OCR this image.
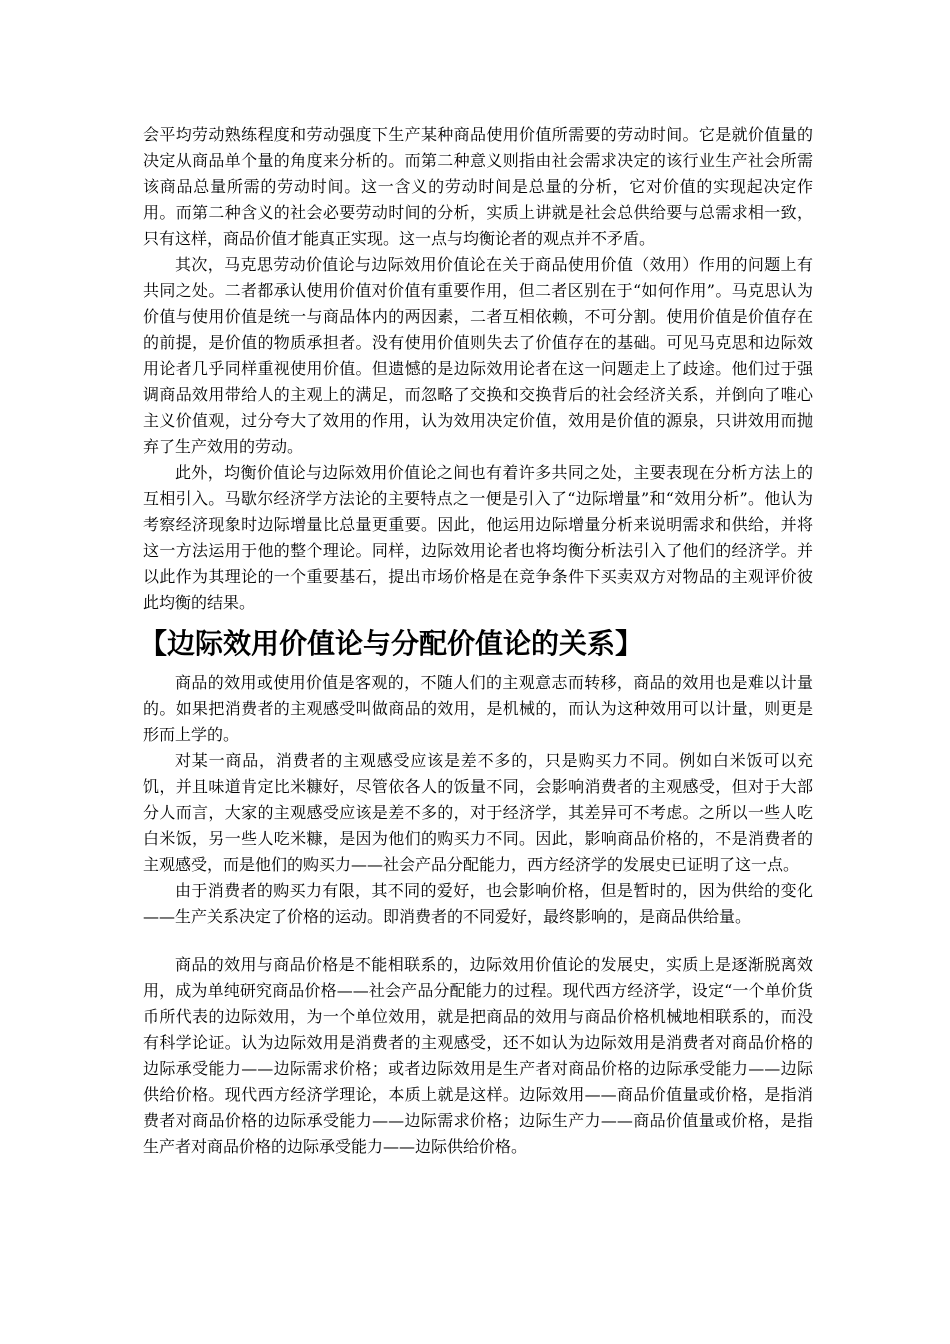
会平均劳动熟练程度和劳动强度下生产某种商品使用价值所需要的劳动时间。它是就价值量的决定从商品单个量的角度来分析的。而第二种意义则指由社会需求决定的该行业生产社会所需该商品总量所需的劳动时间。这一含义的劳动时间是总量的分析，它对价值的实现起决定作用。而第二种含义的社会必要劳动时间的分析，实质上讲就是社会总供给要与总需求相一致，只有这样，商品价值才能真正实现。这一点与均衡论者的观点并不矛盾。

其次，马克思劳动价值论与边际效用价值论在关于商品使用价值（效用）作用的问题上有共同之处。二者都承认使用价值对价值有重要作用，但二者区别在于“如何作用”。马克思认为价值与使用价值是统一与商品体内的两因素，二者互相依赖，不可分割。使用价值是价值存在的前提，是价值的物质承担者。没有使用价值则失去了价值存在的基础。可见马克思和边际效用论者几乎同样重视使用价值。但遗憾的是边际效用论者在这一问题走上了歧途。他们过于强调商品效用带给人的主观上的满足，而忽略了交换和交换背后的社会经济关系，并倒向了唯心主义价值观，过分夸大了效用的作用，认为效用决定价值，效用是价值的源泉，只讲效用而抛弃了生产效用的劳动。

此外，均衡价值论与边际效用价值论之间也有着许多共同之处，主要表现在分析方法上的互相引入。马歇尔经济学方法论的主要特点之一便是引入了“边际增量”和“效用分析”。他认为考察经济现象时边际增量比总量更重要。因此，他运用边际增量分析来说明需求和供给，并将这一方法运用于他的整个理论。同样，边际效用论者也将均衡分析法引入了他们的经济学。并以此作为其理论的一个重要基石，提出市场价格是在竞争条件下买卖双方对物品的主观评价彼此均衡的结果。

【边际效用价值论与分配价值论的关系】

商品的效用或使用价值是客观的，不随人们的主观意志而转移，商品的效用也是难以计量的。如果把消费者的主观感受叫做商品的效用，是机械的，而认为这种效用可以计量，则更是形而上学的。

对某一商品，消费者的主观感受应该是差不多的，只是购买力不同。例如白米饭可以充饥，并且味道肯定比米糠好，尽管依各人的饭量不同，会影响消费者的主观感受，但对于大部分人而言，大家的主观感受应该是差不多的，对于经济学，其差异可不考虑。之所以一些人吃白米饭，另一些人吃米糠，是因为他们的购买力不同。因此，影响商品价格的，不是消费者的主观感受，而是他们的购买力——社会产品分配能力，西方经济学的发展史已证明了这一点。

由于消费者的购买力有限，其不同的爱好，也会影响价格，但是暂时的，因为供给的变化——生产关系决定了价格的运动。即消费者的不同爱好，最终影响的，是商品供给量。

商品的效用与商品价格是不能相联系的，边际效用价值论的发展史，实质上是逐渐脱离效用，成为单纯研究商品价格——社会产品分配能力的过程。现代西方经济学，设定“一个单价货币所代表的边际效用，为一个单位效用，就是把商品的效用与商品价格机械地相联系的，而没有科学论证。认为边际效用是消费者的主观感受，还不如认为边际效用是消费者对商品价格的边际承受能力——边际需求价格；或者边际效用是生产者对商品价格的边际承受能力——边际供给价格。现代西方经济学理论，本质上就是这样。边际效用——商品价值量或价格，是指消费者对商品价格的边际承受能力——边际需求价格；边际生产力——商品价值量或价格，是指生产者对商品价格的边际承受能力——边际供给价格。
